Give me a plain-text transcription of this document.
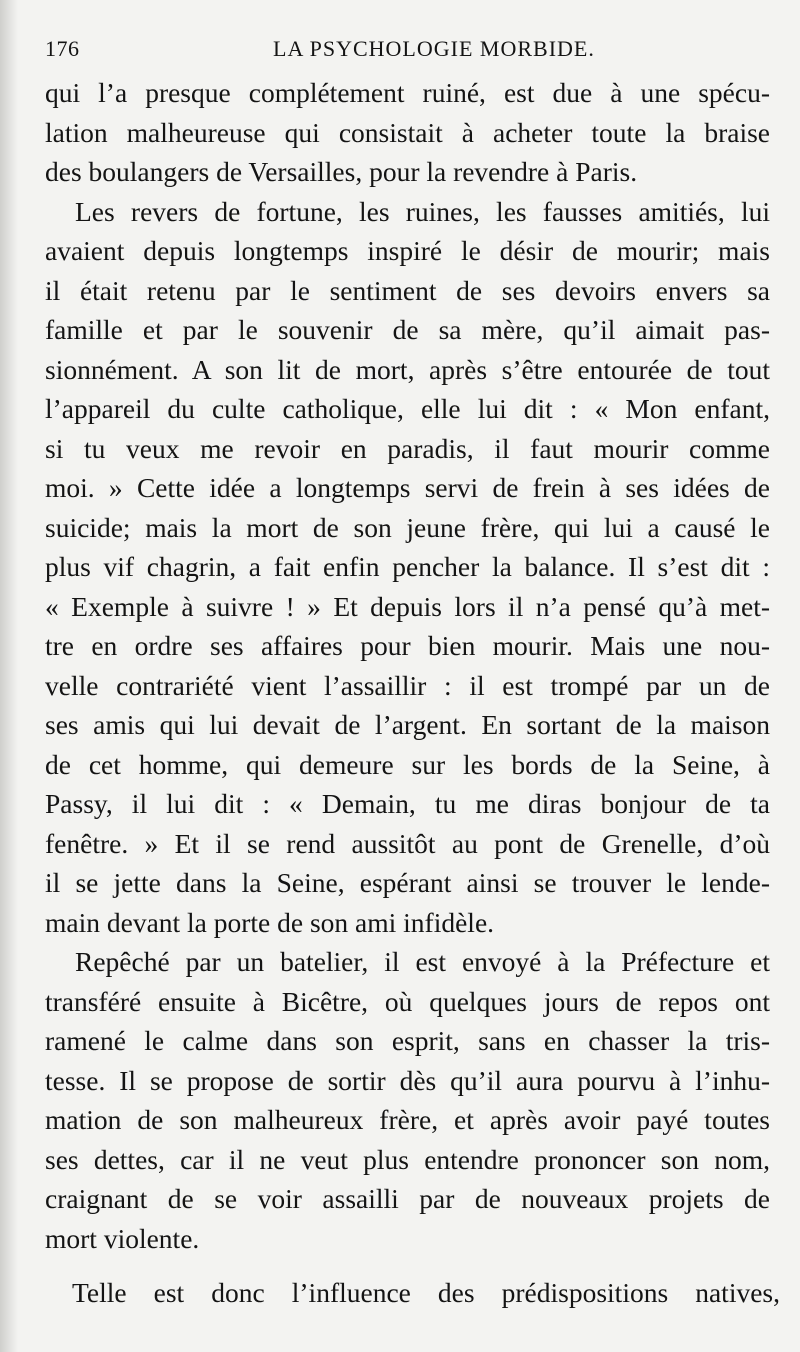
176	LA PSYCHOLOGIE MORBIDE.
qui l’a presque complétement ruiné, est due à une spécu-
lation malheureuse qui consistait à acheter toute la braise
des boulangers de Versailles, pour la revendre à Paris.
Les revers de fortune, les ruines, les fausses amitiés, lui
avaient depuis longtemps inspiré le désir de mourir; mais
il était retenu par le sentiment de ses devoirs envers sa
famille et par le souvenir de sa mère, qu’il aimait pas-
sionnément. A son lit de mort, après s’être entourée de tout
l’appareil du culte catholique, elle lui dit : « Mon enfant,
si tu veux me revoir en paradis, il faut mourir comme
moi. » Cette idée a longtemps servi de frein à ses idées de
suicide; mais la mort de son jeune frère, qui lui a causé le
plus vif chagrin, a fait enfin pencher la balance. Il s’est dit :
« Exemple à suivre ! » Et depuis lors il n’a pensé qu’à met-
tre en ordre ses affaires pour bien mourir. Mais une nou-
velle contrariété vient l’assaillir : il est trompé par un de
ses amis qui lui devait de l’argent. En sortant de la maison
de cet homme, qui demeure sur les bords de la Seine, à
Passy, il lui dit : « Demain, tu me diras bonjour de ta
fenêtre. » Et il se rend aussitôt au pont de Grenelle, d’où
il se jette dans la Seine, espérant ainsi se trouver le lende-
main devant la porte de son ami infidèle.
Repêché par un batelier, il est envoyé à la Préfecture et
transféré ensuite à Bicêtre, où quelques jours de repos ont
ramené le calme dans son esprit, sans en chasser la tris-
tesse. Il se propose de sortir dès qu’il aura pourvu à l’inhu-
mation de son malheureux frère, et après avoir payé toutes
ses dettes, car il ne veut plus entendre prononcer son nom,
craignant de se voir assailli par de nouveaux projets de
mort violente.
Telle est donc l’influence des prédispositions natives,
